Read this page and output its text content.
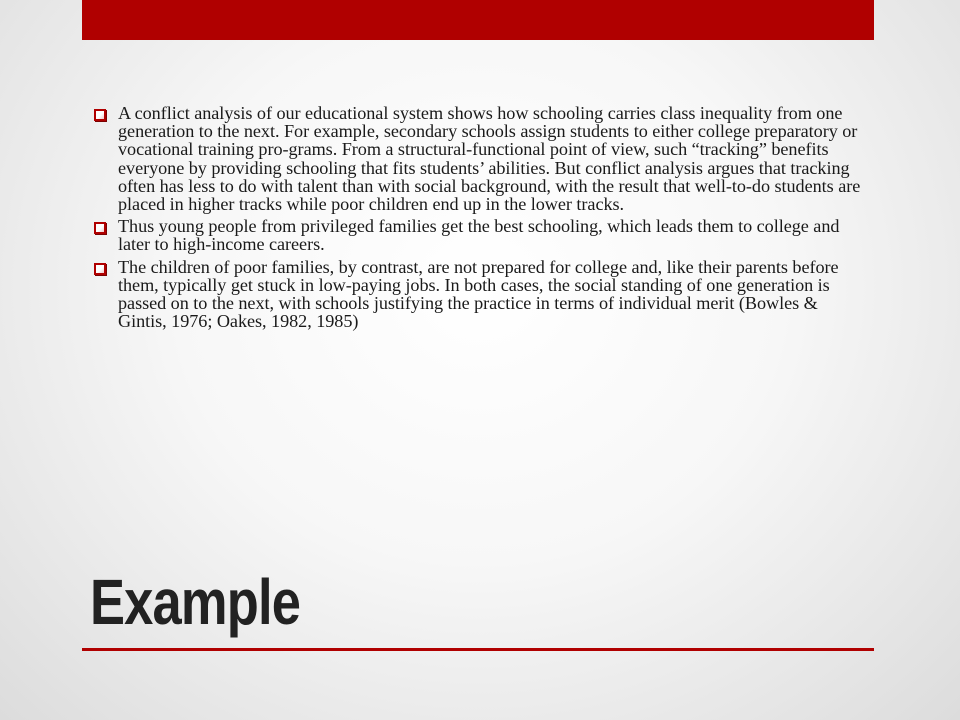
A conflict analysis of our educational system shows how schooling carries class inequality from one generation to the next. For example, secondary schools assign students to either college preparatory or vocational training pro-grams. From a structural-functional point of view, such “tracking” benefits everyone by providing schooling that fits students’ abilities. But conflict analysis argues that tracking often has less to do with talent than with social background, with the result that well-to-do students are placed in higher tracks while poor children end up in the lower tracks.
Thus young people from privileged families get the best schooling, which leads them to college and later to high-income careers.
The children of poor families, by contrast, are not prepared for college and, like their parents before them, typically get stuck in low-paying jobs. In both cases, the social standing of one generation is passed on to the next, with schools justifying the practice in terms of individual merit (Bowles & Gintis, 1976; Oakes, 1982, 1985)
Example
